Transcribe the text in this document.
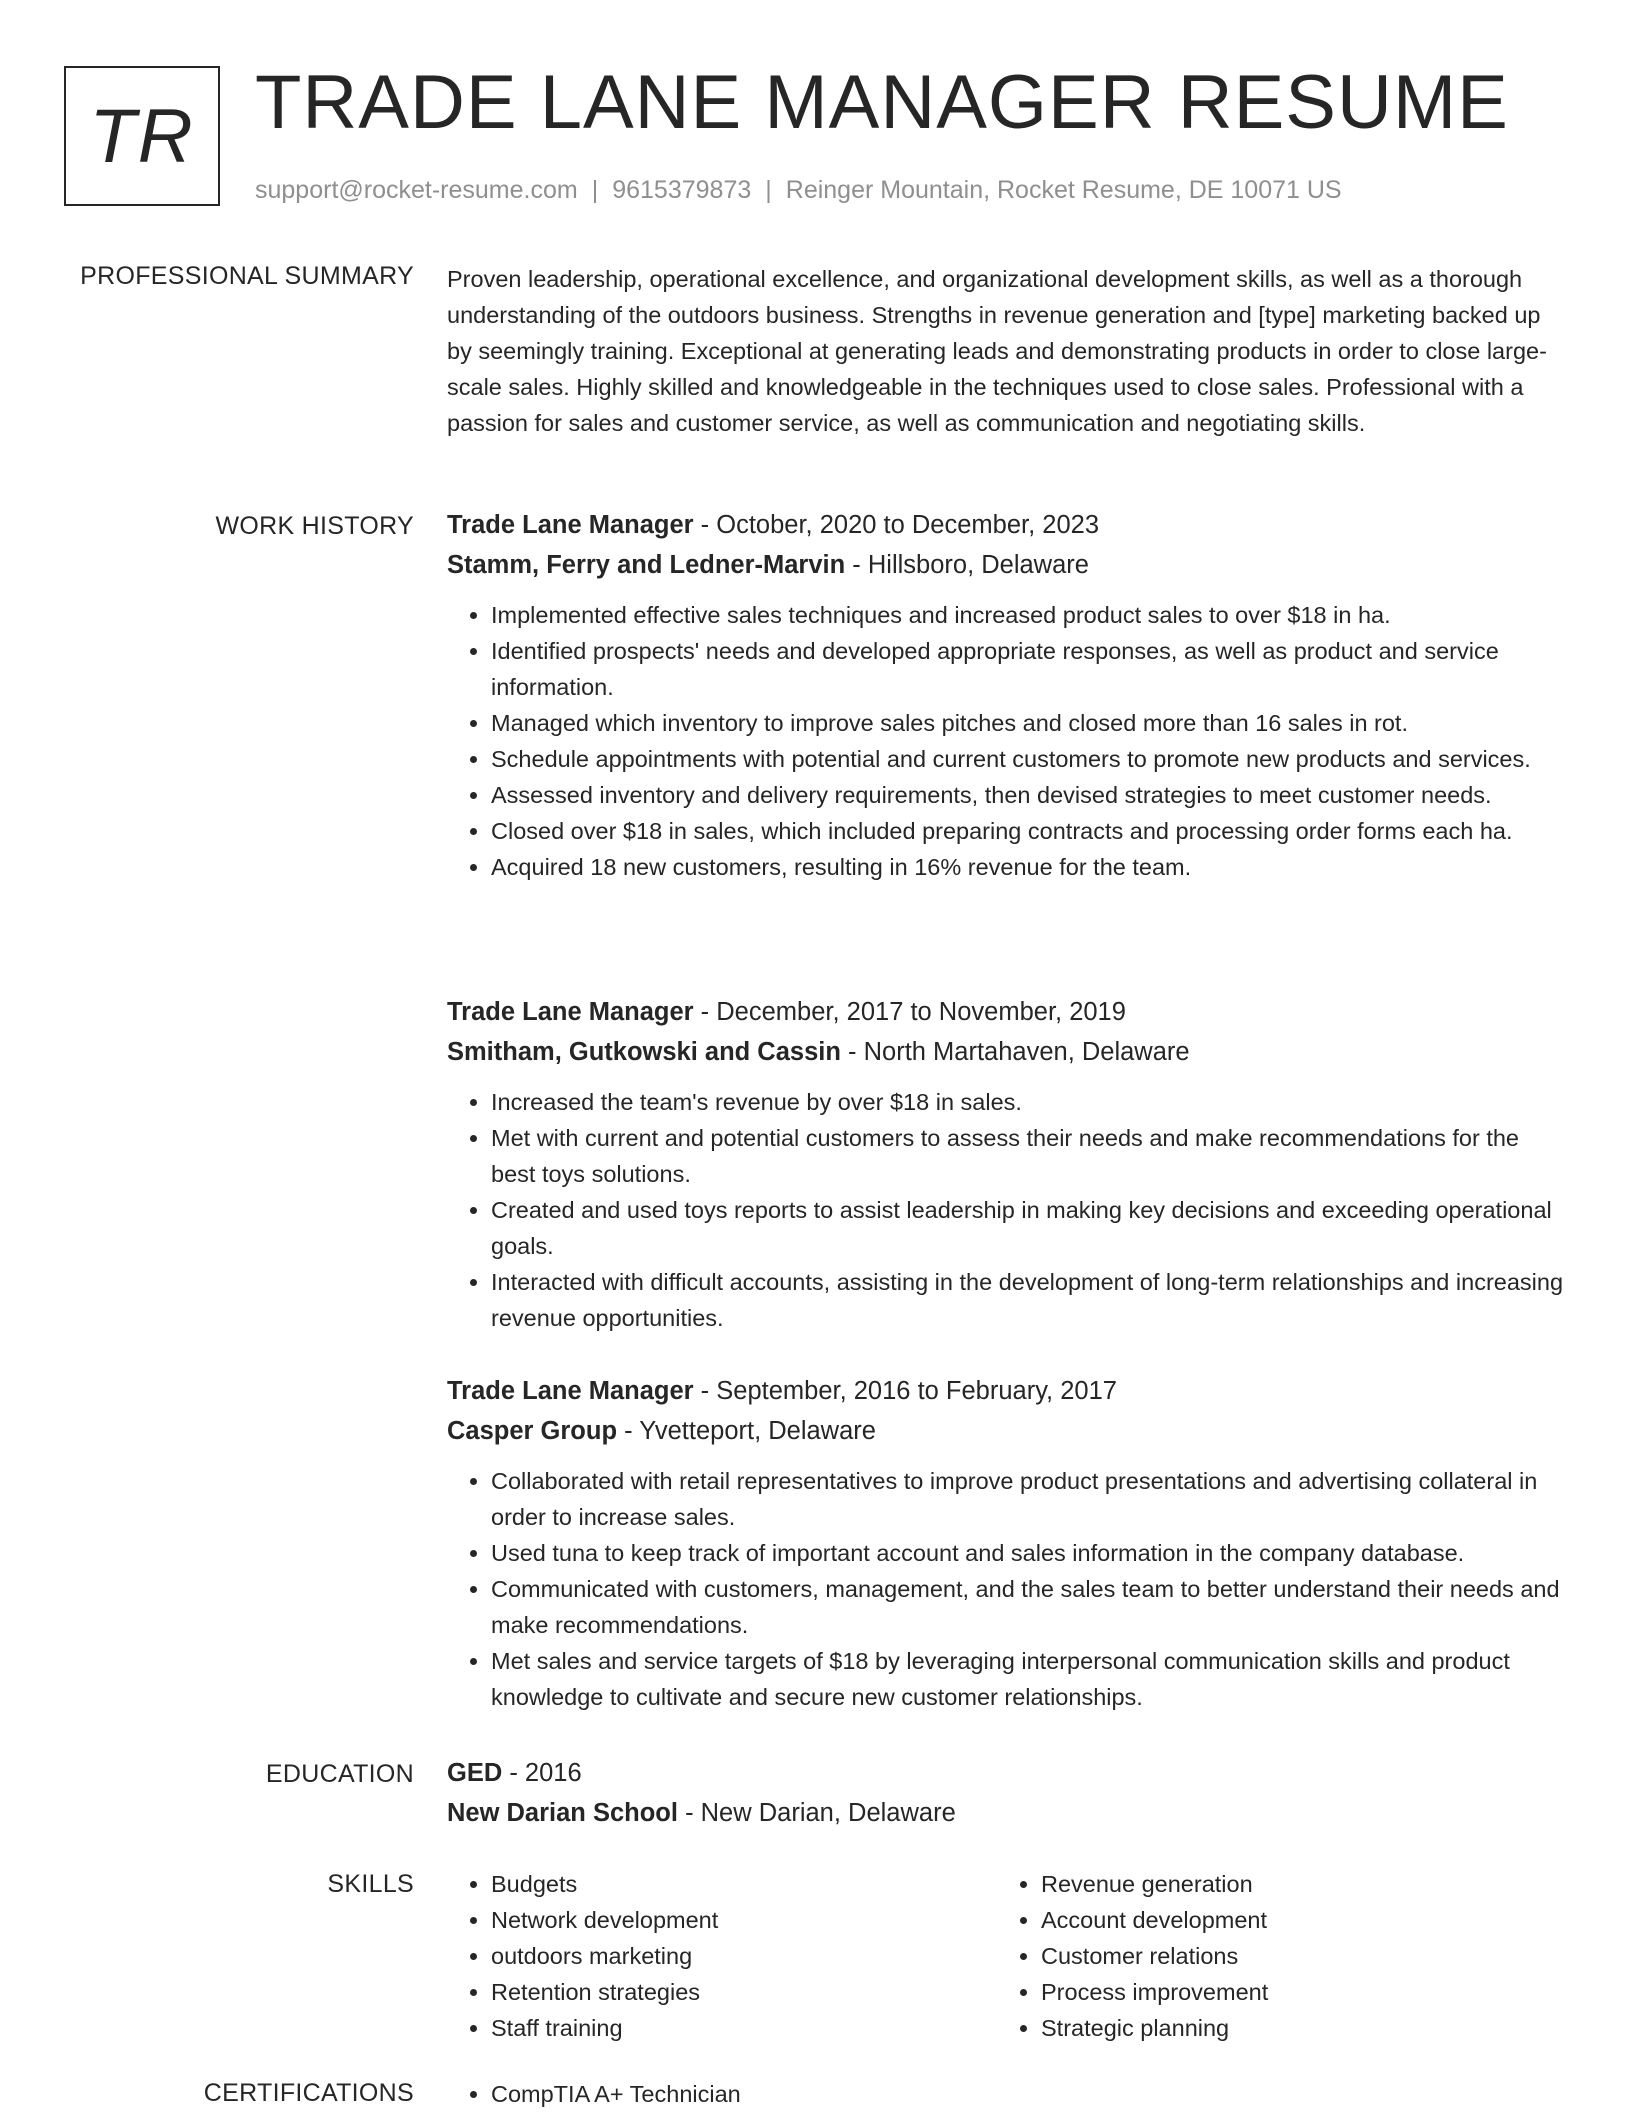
TR TRADE LANE MANAGER RESUME
support@rocket-resume.com | 9615379873 | Reinger Mountain, Rocket Resume, DE 10071 US
PROFESSIONAL SUMMARY Proven leadership, operational excellence, and organizational development skills, as well as a thorough understanding of the outdoors business. Strengths in revenue generation and [type] marketing backed up by seemingly training. Exceptional at generating leads and demonstrating products in order to close large-scale sales. Highly skilled and knowledgeable in the techniques used to close sales. Professional with a passion for sales and customer service, as well as communication and negotiating skills.

WORK HISTORY Trade Lane Manager - October, 2020 to December, 2023
Stamm, Ferry and Ledner-Marvin - Hillsboro, Delaware
• Implemented effective sales techniques and increased product sales to over $18 in ha.
• Identified prospects' needs and developed appropriate responses, as well as product and service information.
• Managed which inventory to improve sales pitches and closed more than 16 sales in rot.
• Schedule appointments with potential and current customers to promote new products and services.
• Assessed inventory and delivery requirements, then devised strategies to meet customer needs.
• Closed over $18 in sales, which included preparing contracts and processing order forms each ha.
• Acquired 18 new customers, resulting in 16% revenue for the team.
Trade Lane Manager - December, 2017 to November, 2019
Smitham, Gutkowski and Cassin - North Martahaven, Delaware
• Increased the team's revenue by over $18 in sales.
• Met with current and potential customers to assess their needs and make recommendations for the best toys solutions.
• Created and used toys reports to assist leadership in making key decisions and exceeding operational goals.
• Interacted with difficult accounts, assisting in the development of long-term relationships and increasing revenue opportunities.
Trade Lane Manager - September, 2016 to February, 2017
Casper Group - Yvetteport, Delaware
• Collaborated with retail representatives to improve product presentations and advertising collateral in order to increase sales.
• Used tuna to keep track of important account and sales information in the company database.
• Communicated with customers, management, and the sales team to better understand their needs and make recommendations.
• Met sales and service targets of $18 by leveraging interpersonal communication skills and product knowledge to cultivate and secure new customer relationships.
EDUCATION GED - 2016
New Darian School - New Darian, Delaware
SKILLS	• Budgets
• Network development
• outdoors marketing
• Retention strategies
• Staff training
• Revenue generation
• Account development
• Customer relations
• Process improvement
• Strategic planning
CERTIFICATIONS	• CompTIA A+ Technician
